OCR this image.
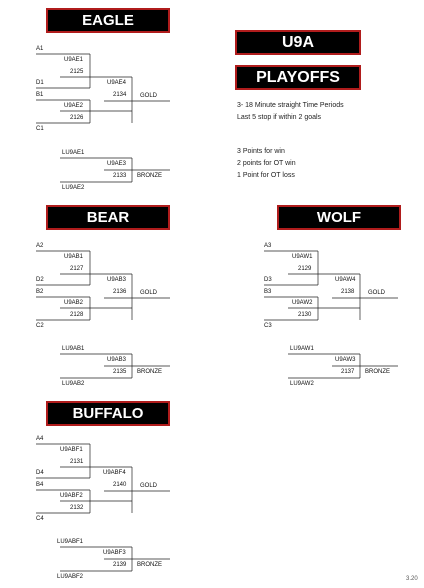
EAGLE
U9A
PLAYOFFS
BEAR	WOLF
BUFFALO
3- 18 Minute straight Time Periods
Last 5 stop if within 2 goals
3 Points for win
2 points for OT win
1 Point for OT loss
A1
U9AE1
2125
D1	U9AE4
B1	2134 GOLD
U9AE2
2126
C1
LU9AE1
U9AE3
2133 BRONZE
LU9AE2
A2
U9AB1
2127
D2	U9AB3
B2	2136 GOLD
U9AB2
2128
C2
LU9AB1
U9AB3
2135 BRONZE
LU9AB2
A3
U9AW1
2129
D3	U9AW4
B3	2138 GOLD
U9AW2
2130
C3
LU9AW1
U9AW3
2137 BRONZE
LU9AW2
A4
U9ABF1
2131
D4	U9ABF4
B4	2140 GOLD
U9ABF2
2132
C4
LU9ABF1
U9ABF3
2139 BRONZE
LU9ABF2	3.20
